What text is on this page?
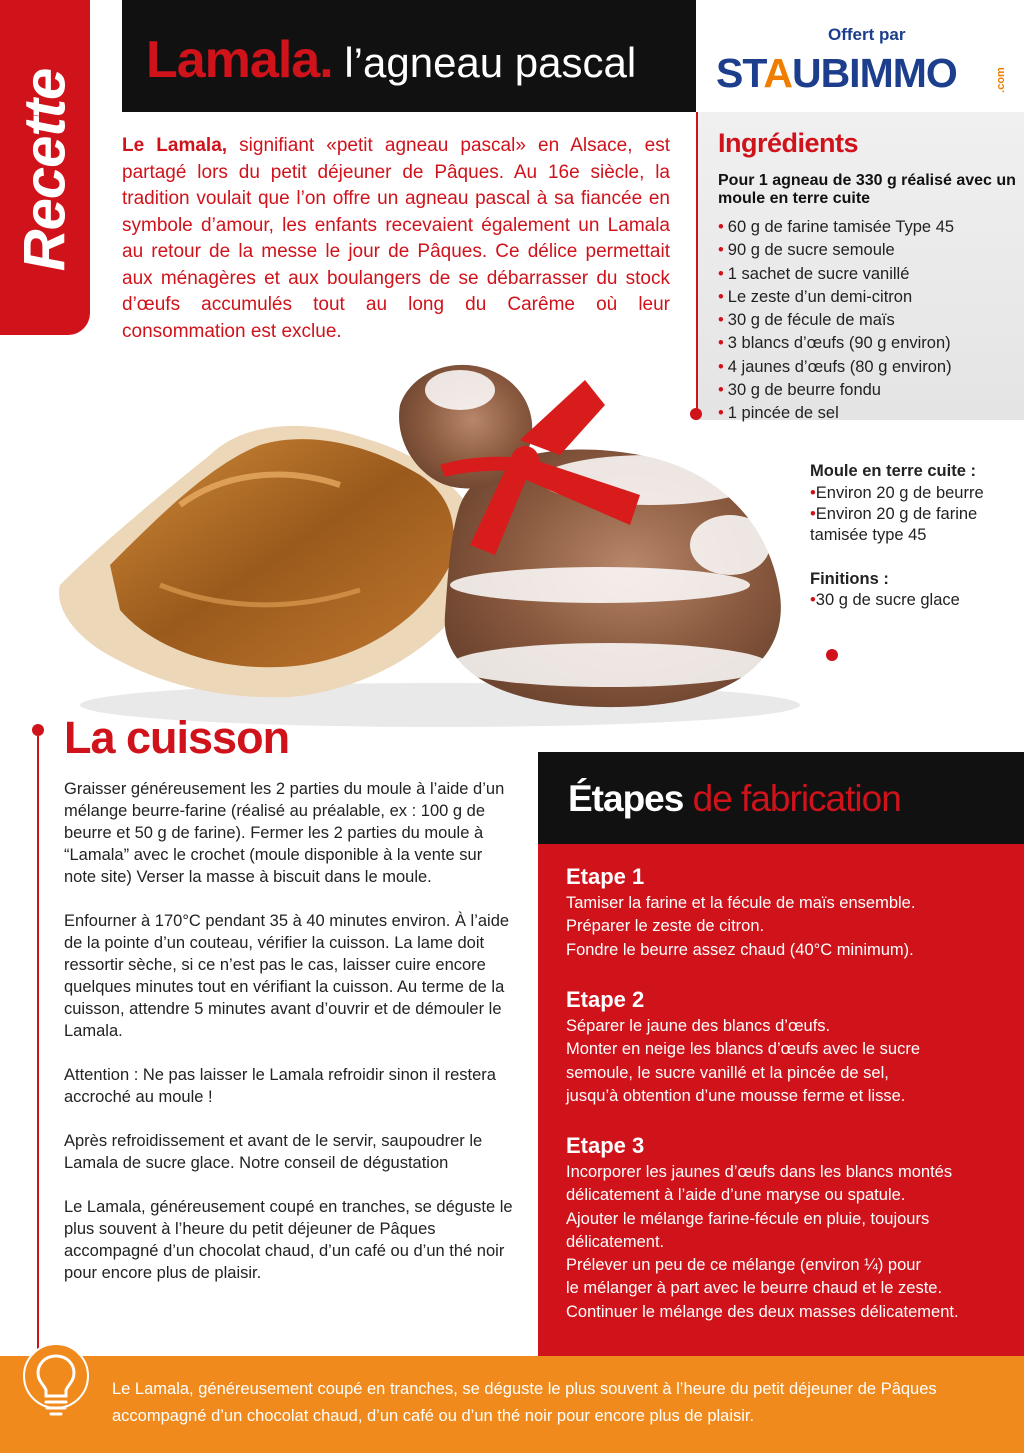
Recette
Lamala. l’agneau pascal
Offert par
STAUBIMMO	.com

Le Lamala, signifiant «petit agneau pascal» en Alsace, est partagé lors du petit déjeuner de Pâques. Au 16e siècle, la tradition voulait que l’on offre un agneau pascal à sa fiancée en symbole d’amour, les enfants recevaient également un Lamala au retour de la messe le jour de Pâques. Ce délice permettait aux ménagères et aux boulangers de se débarrasser du stock d’œufs accumulés tout au long du Carême où leur consommation est exclue.

Ingrédients
Pour 1 agneau de 330 g réalisé avec un moule en terre cuite
• 60 g de farine tamisée Type 45
• 90 g de sucre semoule
• 1 sachet de sucre vanillé
• Le zeste d’un demi-citron
• 30 g de fécule de maïs
• 3 blancs d’œufs (90 g environ)
• 4 jaunes d’œufs (80 g environ)
• 30 g de beurre fondu
• 1 pincée de sel
Moule en terre cuite :
• Environ 20 g de beurre
• Environ 20 g de farine tamisée type 45
Finitions :
• 30 g de sucre glace
La cuisson

Graisser généreusement les 2 parties du moule à l’aide d’un mélange beurre-farine (réalisé au préalable, ex : 100 g de beurre et 50 g de farine). Fermer les 2 parties du moule à “Lamala” avec le crochet (moule disponible à la vente sur note site) Verser la masse à biscuit dans le moule.

Enfourner à 170°C pendant 35 à 40 minutes environ. À l’aide de la pointe d’un couteau, vérifier la cuisson. La lame doit ressortir sèche, si ce n’est pas le cas, laisser cuire encore quelques minutes tout en vérifiant la cuisson. Au terme de la cuisson, attendre 5 minutes avant d’ouvrir et de démouler le Lamala.

Attention : Ne pas laisser le Lamala refroidir sinon il restera accroché au moule !

Après refroidissement et avant de le servir, saupoudrer le Lamala de sucre glace. Notre conseil de dégustation

Le Lamala, généreusement coupé en tranches, se déguste le plus souvent à l’heure du petit déjeuner de Pâques accompagné d’un chocolat chaud, d’un café ou d’un thé noir pour encore plus de plaisir.

Étapes de fabrication
Etape 1
Tamiser la farine et la fécule de maïs ensemble.
Préparer le zeste de citron.
Fondre le beurre assez chaud (40°C minimum).
Etape 2
Séparer le jaune des blancs d’œufs.
Monter en neige les blancs d’œufs avec le sucre
semoule, le sucre vanillé et la pincée de sel,
jusqu’à obtention d’une mousse ferme et lisse.
Etape 3
Incorporer les jaunes d’œufs dans les blancs montés
délicatement à l’aide d’une maryse ou spatule.
Ajouter le mélange farine-fécule en pluie, toujours
délicatement.
Prélever un peu de ce mélange (environ ¼) pour
le mélanger à part avec le beurre chaud et le zeste.
Continuer le mélange des deux masses délicatement.

Le Lamala, généreusement coupé en tranches, se déguste le plus souvent à l’heure du petit déjeuner de Pâques accompagné d’un chocolat chaud, d’un café ou d’un thé noir pour encore plus de plaisir.
